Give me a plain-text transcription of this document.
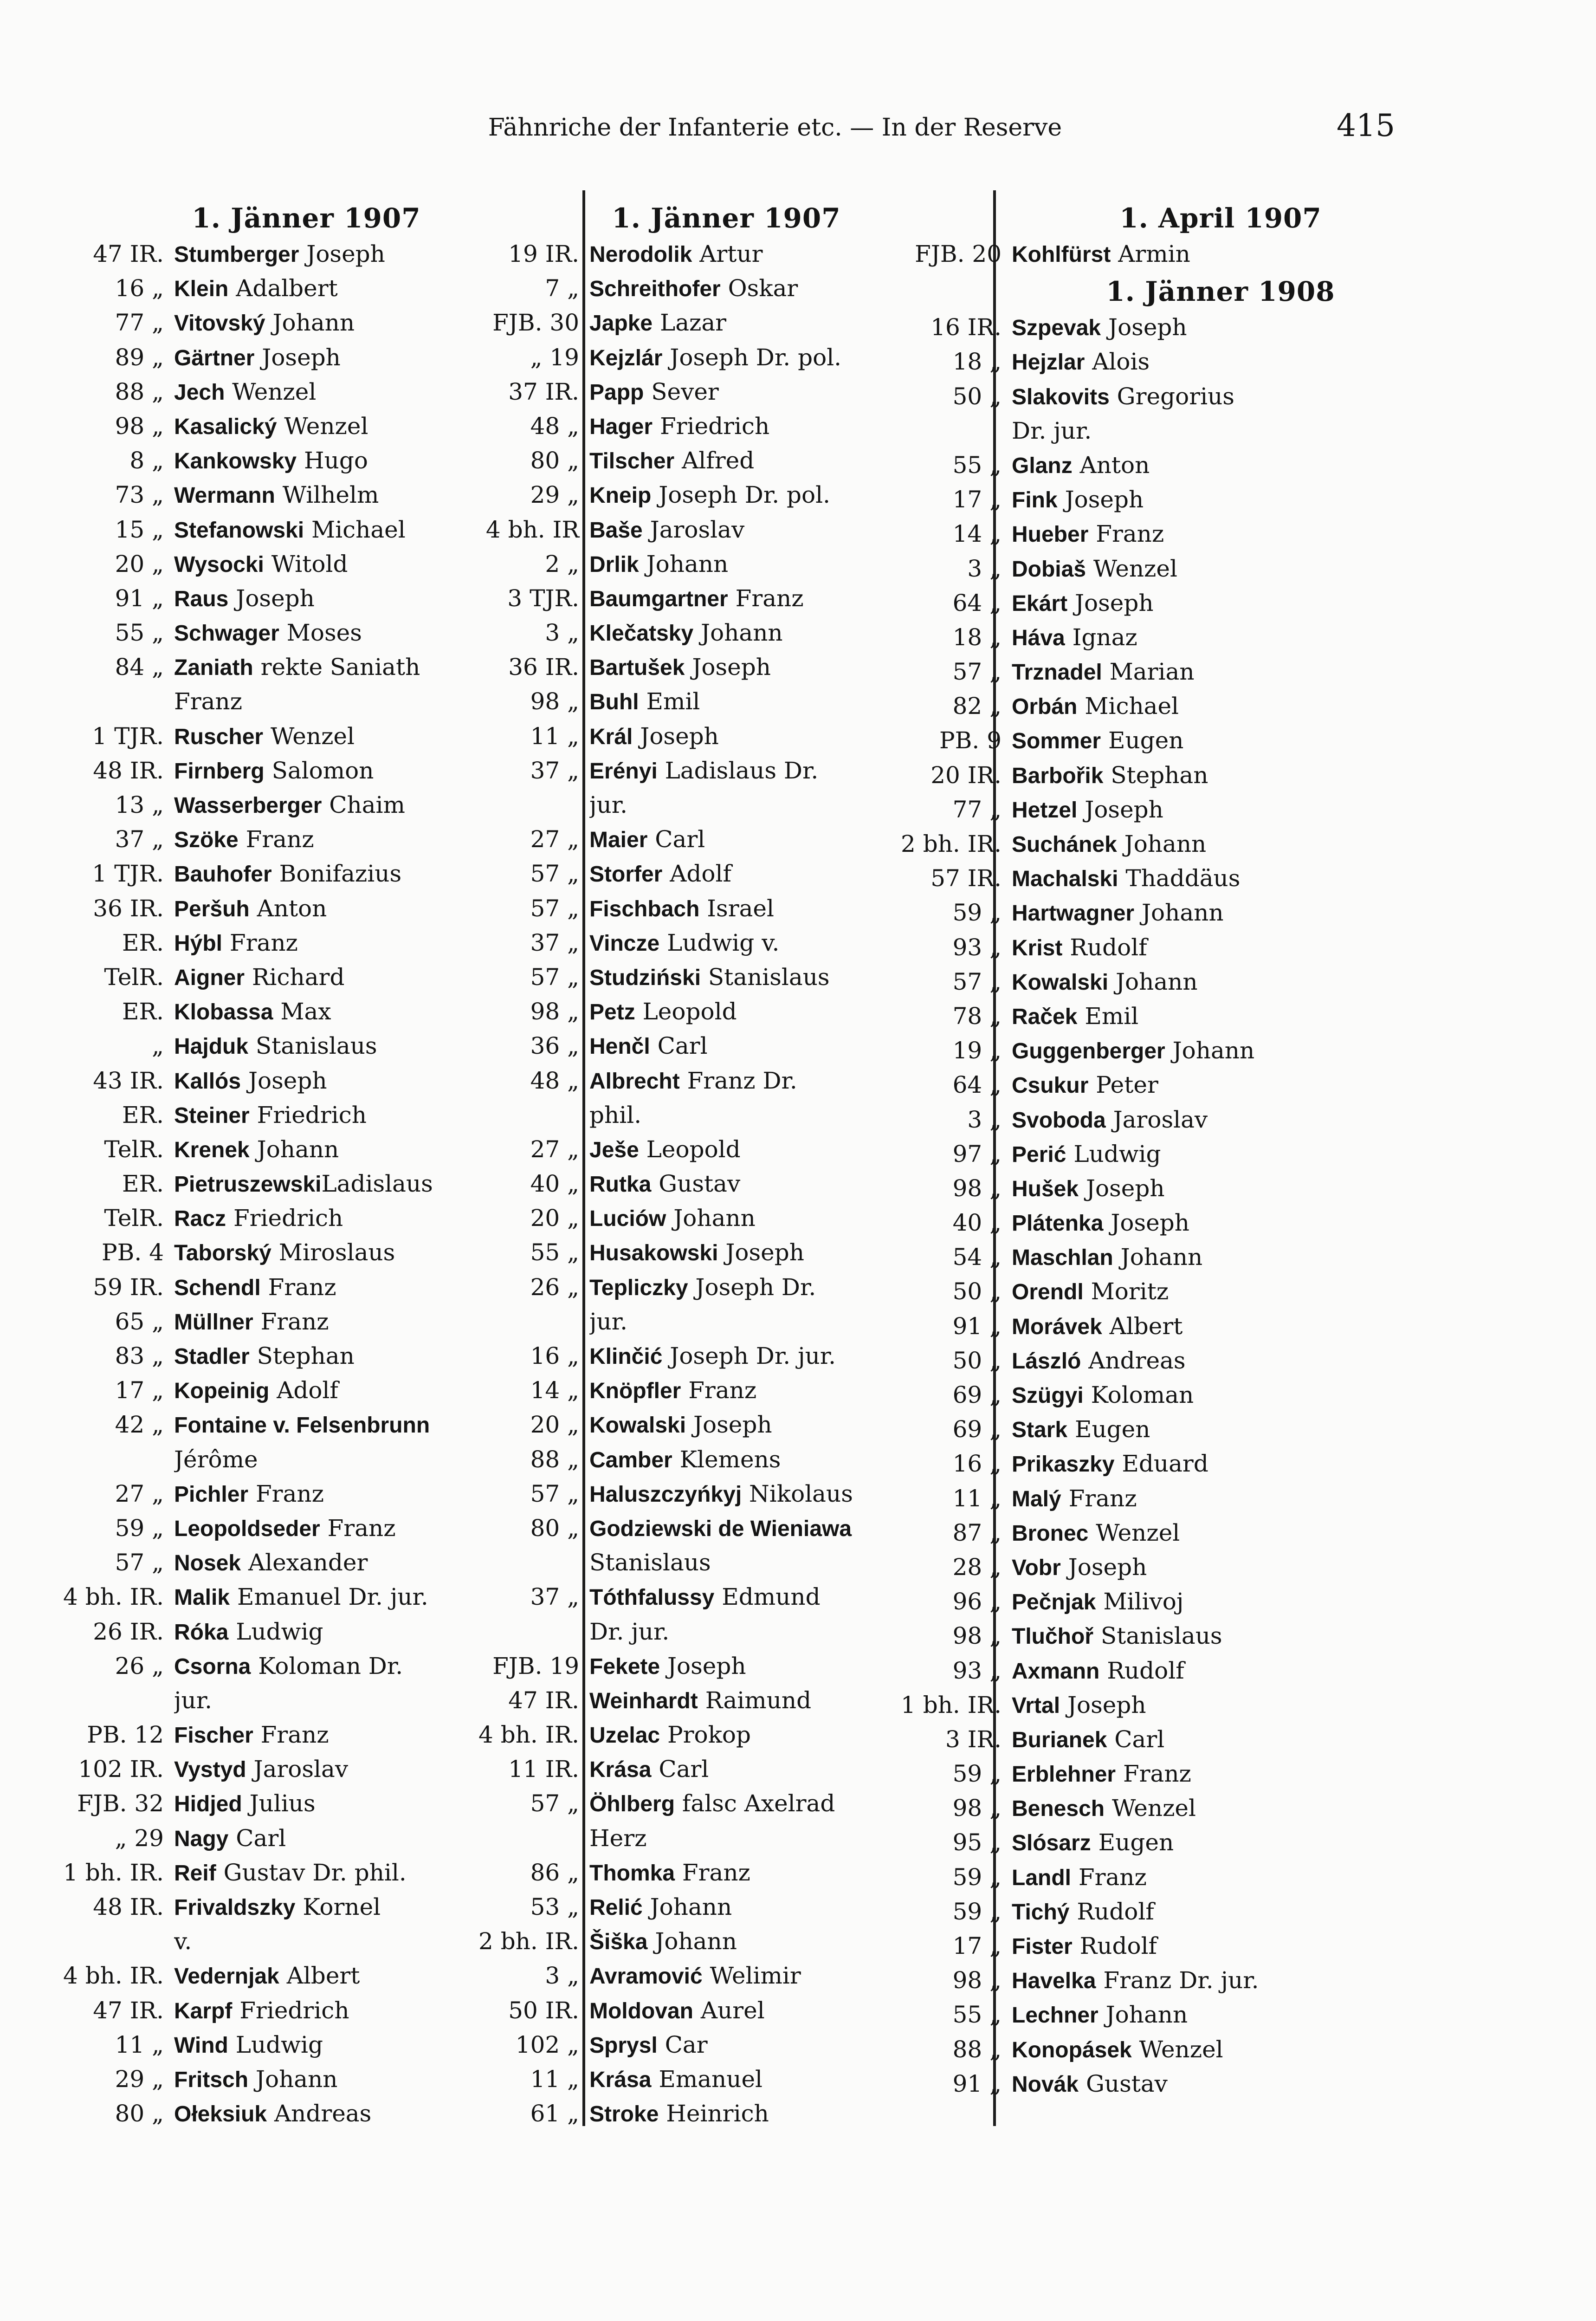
Fähnriche der Infanterie etc. — In der Reserve	415
1. Jänner 1907
47 IR. Stumberger Joseph
16 „ Klein Adalbert
77 „ Vitovský Johann
89 „ Gärtner Joseph
88 „ Jech Wenzel
98 „ Kasalický Wenzel
8 „ Kankowsky Hugo
73 „ Wermann Wilhelm
15 „ Stefanowski Michael
20 „ Wysocki Witold
91 „ Raus Joseph
55 „ Schwager Moses
84 „ Zaniath rekte Saniath
Franz
1 TJR. Ruscher Wenzel
48 IR. Firnberg Salomon
13 „ Wasserberger Chaim
37 „ Szöke Franz
1 TJR. Bauhofer Bonifazius
36 IR. Peršuh Anton
ER. Hýbl Franz
TelR. Aigner Richard
ER. Klobassa Max
„ Hajduk Stanislaus
43 IR. Kallós Joseph
ER. Steiner Friedrich
TelR. Krenek Johann
ER. PietruszewskiLadislaus
TelR. Racz Friedrich
PB. 4 Taborský Miroslaus
59 IR. Schendl Franz
65 „ Müllner Franz
83 „ Stadler Stephan
17 „ Kopeinig Adolf
42 „ Fontaine v. Felsenbrunn
Jérôme
27 „ Pichler Franz
59 „ Leopoldseder Franz
57 „ Nosek Alexander
4 bh. IR. Malik Emanuel Dr. jur.
26 IR. Róka Ludwig
26 „ Csorna Koloman Dr.
jur.
PB. 12 Fischer Franz
102 IR. Vystyd Jaroslav
FJB. 32 Hidjed Julius
„ 29 Nagy Carl
1 bh. IR. Reif Gustav Dr. phil.
48 IR. Frivaldszky Kornel
v.
4 bh. IR. Vedernjak Albert
47 IR. Karpf Friedrich
11 „ Wind Ludwig
29 „ Fritsch Johann
80 „ Ołeksiuk Andreas
1. Jänner 1907
19 IR. Nerodolik Artur
7 „ Schreithofer Oskar
FJB. 30 Japke Lazar
„ 19 Kejzlár Joseph Dr. pol.
37 IR. Papp Sever
48 „ Hager Friedrich
80 „ Tilscher Alfred
29 „ Kneip Joseph Dr. pol.
4 bh. IR Baše Jaroslav
2 „ Drlik Johann
3 TJR. Baumgartner Franz
3 „ Klečatsky Johann
36 IR. Bartušek Joseph
98 „ Buhl Emil
11 „ Král Joseph
37 „ Erényi Ladislaus Dr.
jur.
27 „ Maier Carl
57 „ Storfer Adolf
57 „ Fischbach Israel
37 „ Vincze Ludwig v.
57 „ Studziński Stanislaus
98 „ Petz Leopold
36 „ Henčl Carl
48 „ Albrecht Franz Dr.
phil.
27 „ Ješe Leopold
40 „ Rutka Gustav
20 „ Luciów Johann
55 „ Husakowski Joseph
26 „ Tepliczky Joseph Dr.
jur.
16 „ Klinčić Joseph Dr. jur.
14 „ Knöpfler Franz
20 „ Kowalski Joseph
88 „ Camber Klemens
57 „ Haluszczyńkyj Nikolaus
80 „ Godziewski de Wieniawa
Stanislaus
37 „ Tóthfalussy Edmund
Dr. jur.
FJB. 19 Fekete Joseph
47 IR. Weinhardt Raimund
4 bh. IR. Uzelac Prokop
11 IR. Krása Carl
57 „ Öhlberg falsc Axelrad
Herz
86 „ Thomka Franz
53 „ Relić Johann
2 bh. IR. Šiška Johann
3 „ Avramović Welimir
50 IR. Moldovan Aurel
102 „ Sprysl Car
11 „ Krása Emanuel
61 „ Stroke Heinrich
1. April 1907
FJB. 20 Kohlfürst Armin
1. Jänner 1908
16 IR. Szpevak Joseph
18 „ Hejzlar Alois
50 „ Slakovits Gregorius
Dr. jur.
55 „ Glanz Anton
17 „ Fink Joseph
14 „ Hueber Franz
3 „ Dobiaš Wenzel
64 „ Ekárt Joseph
18 „ Háva Ignaz
57 „ Trznadel Marian
82 „ Orbán Michael
PB. 9 Sommer Eugen
20 IR. Barbořik Stephan
77 „ Hetzel Joseph
2 bh. IR. Suchánek Johann
57 IR. Machalski Thaddäus
59 „ Hartwagner Johann
93 „ Krist Rudolf
57 „ Kowalski Johann
78 „ Raček Emil
19 „ Guggenberger Johann
64 „ Csukur Peter
3 „ Svoboda Jaroslav
97 „ Perić Ludwig
98 „ Hušek Joseph
40 „ Plátenka Joseph
54 „ Maschlan Johann
50 „ Orendl Moritz
91 „ Morávek Albert
50 „ László Andreas
69 „ Szügyi Koloman
69 „ Stark Eugen
16 „ Prikaszky Eduard
11 „ Malý Franz
87 „ Bronec Wenzel
28 „ Vobr Joseph
96 „ Pečnjak Milivoj
98 „ Tlučhoř Stanislaus
93 „ Axmann Rudolf
1 bh. IR. Vrtal Joseph
3 IR. Burianek Carl
59 „ Erblehner Franz
98 „ Benesch Wenzel
95 „ Slósarz Eugen
59 „ Landl Franz
59 „ Tichý Rudolf
17 „ Fister Rudolf
98 „ Havelka Franz Dr. jur.
55 „ Lechner Johann
88 „ Konopásek Wenzel
91 „ Novák Gustav
